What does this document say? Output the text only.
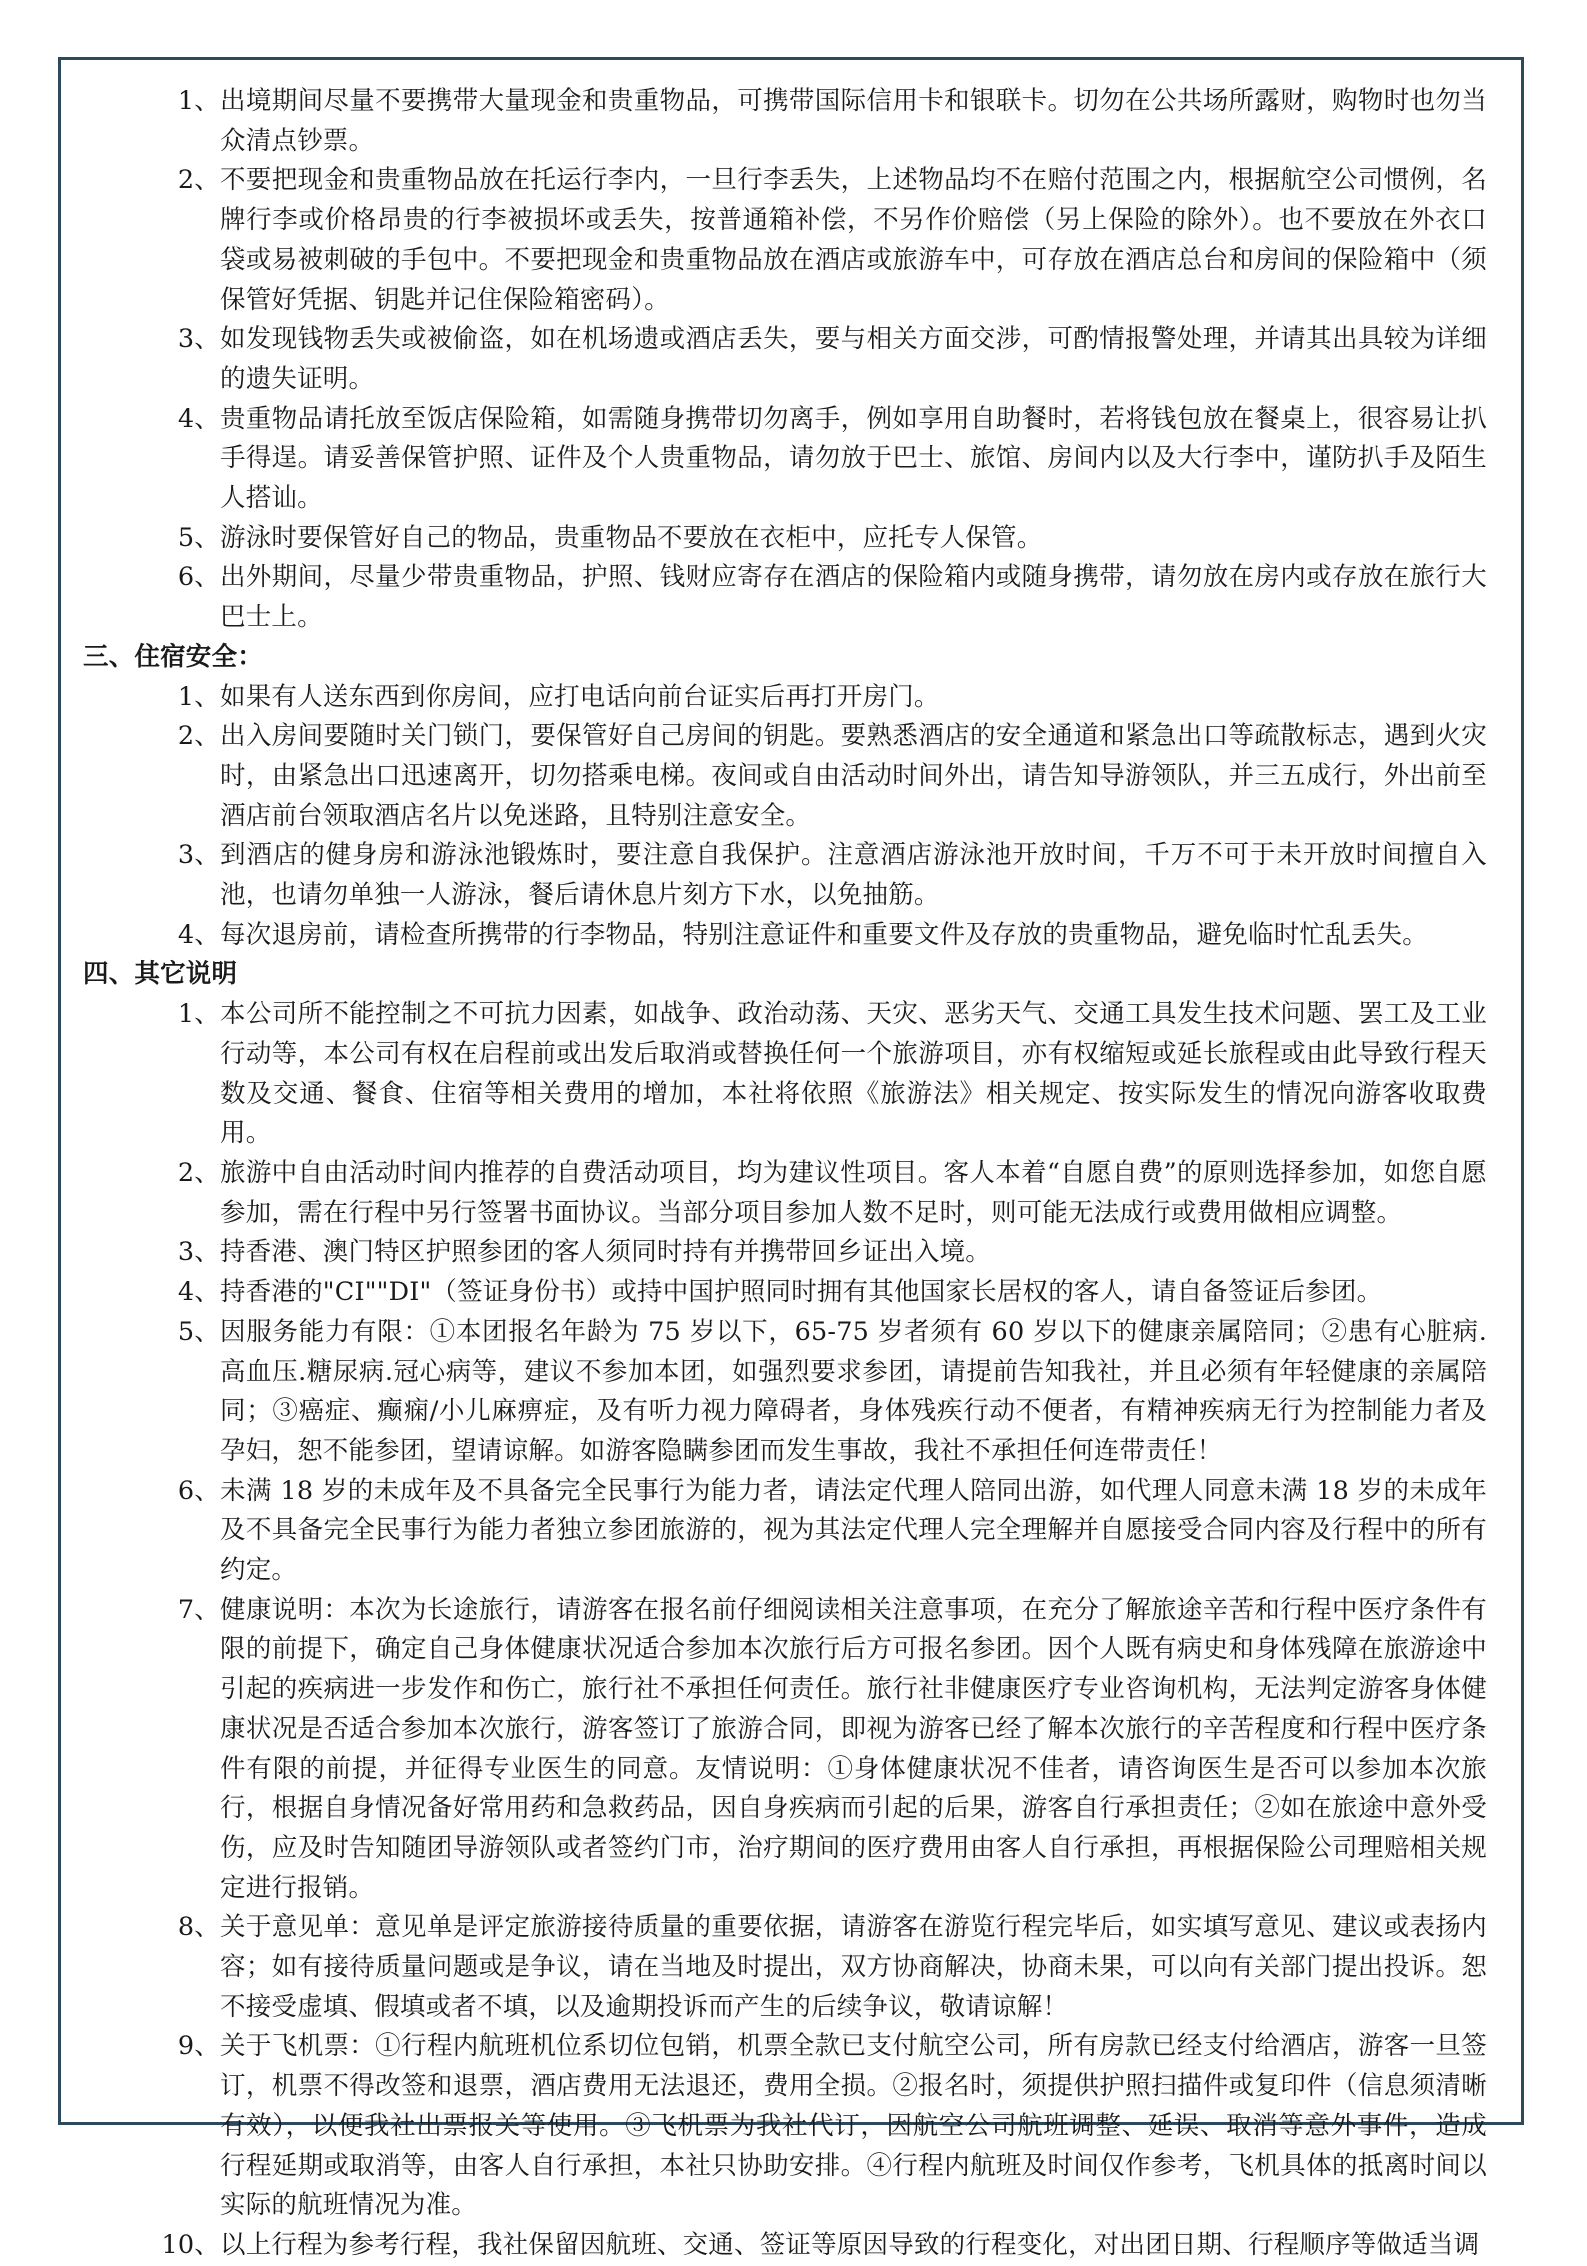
1、 出境期间尽量不要携带大量现金和贵重物品，可携带国际信用卡和银联卡。切勿在公共场所露财，购物时也勿当众清点钞票。
2、 不要把现金和贵重物品放在托运行李内，一旦行李丢失，上述物品均不在赔付范围之内，根据航空公司惯例，名牌行李或价格昂贵的行李被损坏或丢失，按普通箱补偿，不另作价赔偿（另上保险的除外）。也不要放在外衣口袋或易被刺破的手包中。不要把现金和贵重物品放在酒店或旅游车中，可存放在酒店总台和房间的保险箱中（须保管好凭据、钥匙并记住保险箱密码）。
3、 如发现钱物丢失或被偷盗，如在机场遗或酒店丢失，要与相关方面交涉，可酌情报警处理，并请其出具较为详细的遗失证明。
4、 贵重物品请托放至饭店保险箱，如需随身携带切勿离手，例如享用自助餐时，若将钱包放在餐桌上，很容易让扒手得逞。请妥善保管护照、证件及个人贵重物品，请勿放于巴士、旅馆、房间内以及大行李中，谨防扒手及陌生人搭讪。
5、 游泳时要保管好自己的物品，贵重物品不要放在衣柜中，应托专人保管。
6、 出外期间，尽量少带贵重物品，护照、钱财应寄存在酒店的保险箱内或随身携带，请勿放在房内或存放在旅行大巴士上。
三、住宿安全：
1、 如果有人送东西到你房间，应打电话向前台证实后再打开房门。
2、 出入房间要随时关门锁门，要保管好自己房间的钥匙。要熟悉酒店的安全通道和紧急出口等疏散标志，遇到火灾时，由紧急出口迅速离开，切勿搭乘电梯。夜间或自由活动时间外出，请告知导游领队，并三五成行，外出前至酒店前台领取酒店名片以免迷路，且特别注意安全。
3、 到酒店的健身房和游泳池锻炼时，要注意自我保护。注意酒店游泳池开放时间，千万不可于未开放时间擅自入池，也请勿单独一人游泳，餐后请休息片刻方下水，以免抽筋。
4、 每次退房前，请检查所携带的行李物品，特别注意证件和重要文件及存放的贵重物品，避免临时忙乱丢失。
四、其它说明
1、 本公司所不能控制之不可抗力因素，如战争、政治动荡、天灾、恶劣天气、交通工具发生技术问题、罢工及工业行动等，本公司有权在启程前或出发后取消或替换任何一个旅游项目，亦有权缩短或延长旅程或由此导致行程天数及交通、餐食、住宿等相关费用的增加，本社将依照《旅游法》相关规定、按实际发生的情况向游客收取费用。
2、 旅游中自由活动时间内推荐的自费活动项目，均为建议性项目。客人本着“自愿自费”的原则选择参加，如您自愿参加，需在行程中另行签署书面协议。当部分项目参加人数不足时，则可能无法成行或费用做相应调整。
3、 持香港、澳门特区护照参团的客人须同时持有并携带回乡证出入境。
4、 持香港的"CI""DI"（签证身份书）或持中国护照同时拥有其他国家长居权的客人，请自备签证后参团。
5、 因服务能力有限：①本团报名年龄为 75 岁以下，65-75 岁者须有 60 岁以下的健康亲属陪同；②患有心脏病.高血压.糖尿病.冠心病等，建议不参加本团，如强烈要求参团，请提前告知我社，并且必须有年轻健康的亲属陪同；③癌症、癫痫/小儿麻痹症，及有听力视力障碍者，身体残疾行动不便者，有精神疾病无行为控制能力者及孕妇，恕不能参团，望请谅解。如游客隐瞒参团而发生事故，我社不承担任何连带责任！
6、 未满 18 岁的未成年及不具备完全民事行为能力者，请法定代理人陪同出游，如代理人同意未满 18 岁的未成年及不具备完全民事行为能力者独立参团旅游的，视为其法定代理人完全理解并自愿接受合同内容及行程中的所有约定。
7、 健康说明：本次为长途旅行，请游客在报名前仔细阅读相关注意事项，在充分了解旅途辛苦和行程中医疗条件有限的前提下，确定自己身体健康状况适合参加本次旅行后方可报名参团。因个人既有病史和身体残障在旅游途中引起的疾病进一步发作和伤亡，旅行社不承担任何责任。旅行社非健康医疗专业咨询机构，无法判定游客身体健康状况是否适合参加本次旅行，游客签订了旅游合同，即视为游客已经了解本次旅行的辛苦程度和行程中医疗条件有限的前提，并征得专业医生的同意。友情说明：①身体健康状况不佳者，请咨询医生是否可以参加本次旅行，根据自身情况备好常用药和急救药品，因自身疾病而引起的后果，游客自行承担责任；②如在旅途中意外受伤，应及时告知随团导游领队或者签约门市，治疗期间的医疗费用由客人自行承担，再根据保险公司理赔相关规定进行报销。
8、 关于意见单：意见单是评定旅游接待质量的重要依据，请游客在游览行程完毕后，如实填写意见、建议或表扬内容；如有接待质量问题或是争议，请在当地及时提出，双方协商解决，协商未果，可以向有关部门提出投诉。恕不接受虚填、假填或者不填，以及逾期投诉而产生的后续争议，敬请谅解！
9、 关于飞机票：①行程内航班机位系切位包销，机票全款已支付航空公司，所有房款已经支付给酒店，游客一旦签订，机票不得改签和退票，酒店费用无法退还，费用全损。②报名时，须提供护照扫描件或复印件（信息须清晰有效），以便我社出票报关等使用。③飞机票为我社代订，因航空公司航班调整、延误、取消等意外事件，造成行程延期或取消等，由客人自行承担，本社只协助安排。④行程内航班及时间仅作参考，飞机具体的抵离时间以实际的航班情况为准。
10、 以上行程为参考行程，我社保留因航班、交通、签证等原因导致的行程变化，对出团日期、行程顺序等做适当调
